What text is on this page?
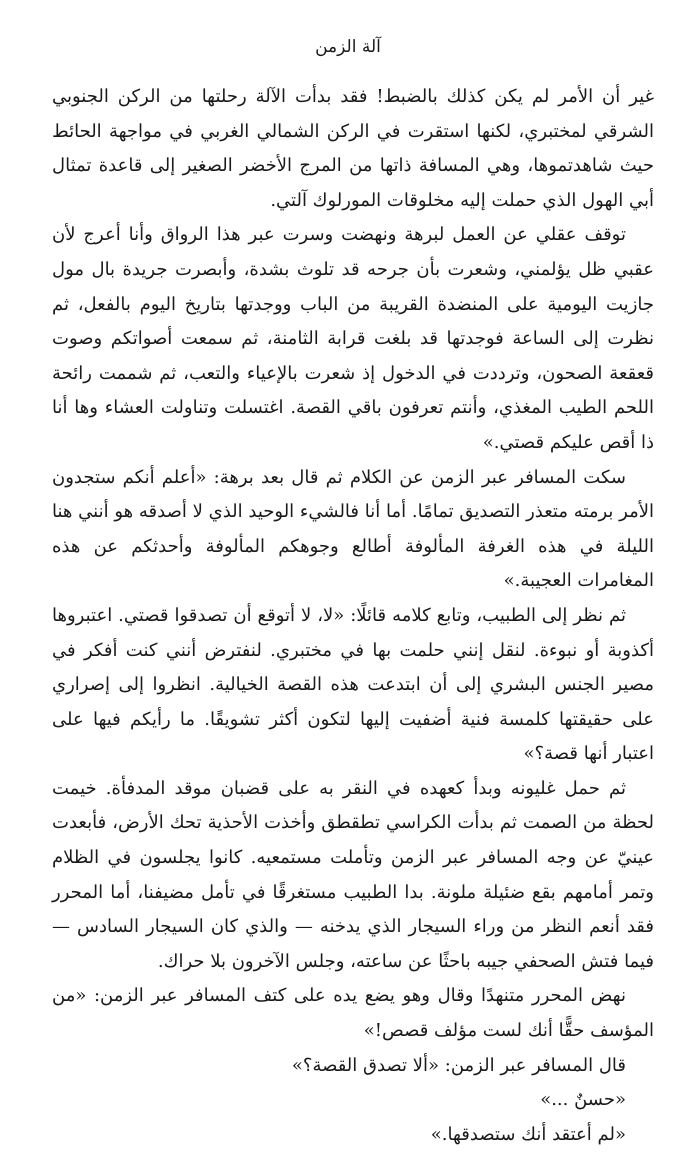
آلة الزمن

غير أن الأمر لم يكن كذلك بالضبط! فقد بدأت الآلة رحلتها من الركن الجنوبي الشرقي لمختبري، لكنها استقرت في الركن الشمالي الغربي في مواجهة الحائط حيث شاهدتموها، وهي المسافة ذاتها من المرج الأخضر الصغير إلى قاعدة تمثال أبي الهول الذي حملت إليه مخلوقات المورلوك آلتي.

توقف عقلي عن العمل لبرهة ونهضت وسرت عبر هذا الرواق وأنا أعرج لأن عقبي ظل يؤلمني، وشعرت بأن جرحه قد تلوث بشدة، وأبصرت جريدة بال مول جازيت اليومية على المنضدة القريبة من الباب ووجدتها بتاريخ اليوم بالفعل، ثم نظرت إلى الساعة فوجدتها قد بلغت قرابة الثامنة، ثم سمعت أصواتكم وصوت قعقعة الصحون، وترددت في الدخول إذ شعرت بالإعياء والتعب، ثم شممت رائحة اللحم الطيب المغذي، وأنتم تعرفون باقي القصة. اغتسلت وتناولت العشاء وها أنا ذا أقص عليكم قصتي.»

سكت المسافر عبر الزمن عن الكلام ثم قال بعد برهة: «أعلم أنكم ستجدون الأمر برمته متعذر التصديق تمامًا. أما أنا فالشيء الوحيد الذي لا أصدقه هو أنني هنا الليلة في هذه الغرفة المألوفة أطالع وجوهكم المألوفة وأحدثكم عن هذه المغامرات العجيبة.»

ثم نظر إلى الطبيب، وتابع كلامه قائلًا: «لا، لا أتوقع أن تصدقوا قصتي. اعتبروها أكذوبة أو نبوءة. لنقل إنني حلمت بها في مختبري. لنفترض أنني كنت أفكر في مصير الجنس البشري إلى أن ابتدعت هذه القصة الخيالية. انظروا إلى إصراري على حقيقتها كلمسة فنية أضفيت إليها لتكون أكثر تشويقًا. ما رأيكم فيها على اعتبار أنها قصة؟»

ثم حمل غليونه وبدأ كعهده في النقر به على قضبان موقد المدفأة. خيمت لحظة من الصمت ثم بدأت الكراسي تطقطق وأخذت الأحذية تحك الأرض، فأبعدت عينيّ عن وجه المسافر عبر الزمن وتأملت مستمعيه. كانوا يجلسون في الظلام وتمر أمامهم بقع ضئيلة ملونة. بدا الطبيب مستغرقًا في تأمل مضيفنا، أما المحرر فقد أنعم النظر من وراء السيجار الذي يدخنه — والذي كان السيجار السادس — فيما فتش الصحفي جيبه باحثًا عن ساعته، وجلس الآخرون بلا حراك.

نهض المحرر متنهدًا وقال وهو يضع يده على كتف المسافر عبر الزمن: «من المؤسف حقًّا أنك لست مؤلف قصص!»

قال المسافر عبر الزمن: «ألا تصدق القصة؟»

«حسنٌ ...»

«لم أعتقد أنك ستصدقها.»
